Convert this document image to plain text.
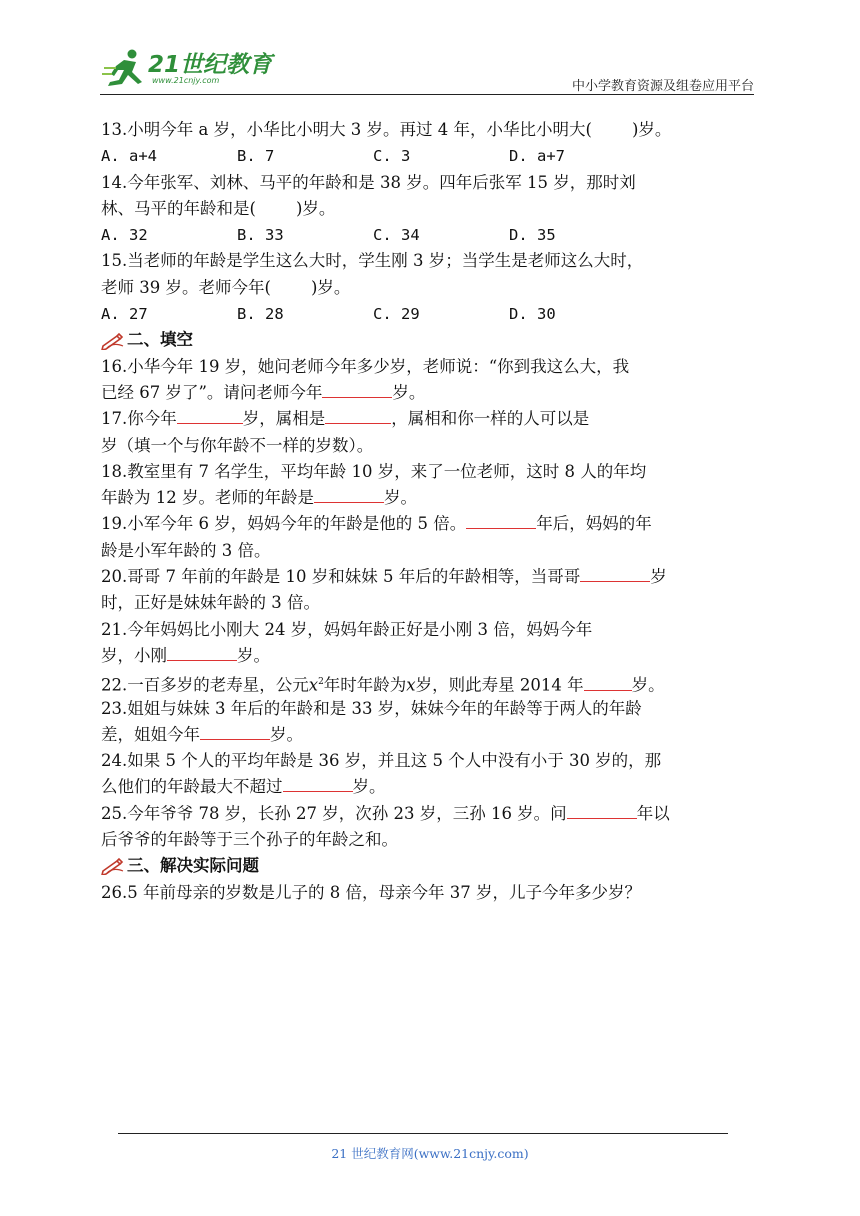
21世纪教育
www.21cnjy.com	中小学教育资源及组卷应用平台
13.小明今年 a 岁，小华比小明大 3 岁。再过 4 年，小华比小明大( )岁。
A. a+4	B. 7	C. 3	D. a+7
14.今年张军、刘林、马平的年龄和是 38 岁。四年后张军 15 岁，那时刘
林、马平的年龄和是( )岁。
A. 32	B. 33	C. 34	D. 35
15.当老师的年龄是学生这么大时，学生刚 3 岁；当学生是老师这么大时，
老师 39 岁。老师今年( )岁。
A. 27	B. 28	C. 29	D. 30
二、填空
16.小华今年 19 岁，她问老师今年多少岁，老师说：“你到我这么大，我
已经 67 岁了”。请问老师今年	岁。
17.你今年	岁，属相是	，属相和你一样的人可以是
岁（填一个与你年龄不一样的岁数）。
18.教室里有 7 名学生，平均年龄 10 岁，来了一位老师，这时 8 人的年均
年龄为 12 岁。老师的年龄是	岁。
19.小军今年 6 岁，妈妈今年的年龄是他的 5 倍。	年后，妈妈的年
龄是小军年龄的 3 倍。
20.哥哥 7 年前的年龄是 10 岁和妹妹 5 年后的年龄相等，当哥哥	岁
时，正好是妹妹年龄的 3 倍。
21.今年妈妈比小刚大 24 岁，妈妈年龄正好是小刚 3 倍，妈妈今年
岁，小刚	岁。
22.一百多岁的老寿星，公元$x^2$年时年龄为x岁，则此寿星 2014 年	岁。
23.姐姐与妹妹 3 年后的年龄和是 33 岁，妹妹今年的年龄等于两人的年龄
差，姐姐今年	岁。
24.如果 5 个人的平均年龄是 36 岁，并且这 5 个人中没有小于 30 岁的，那
么他们的年龄最大不超过	岁。
25.今年爷爷 78 岁，长孙 27 岁，次孙 23 岁，三孙 16 岁。问	年以
后爷爷的年龄等于三个孙子的年龄之和。
三、解决实际问题
26.5 年前母亲的岁数是儿子的 8 倍，母亲今年 37 岁，儿子今年多少岁？
21 世纪教育网(www.21cnjy.com)
